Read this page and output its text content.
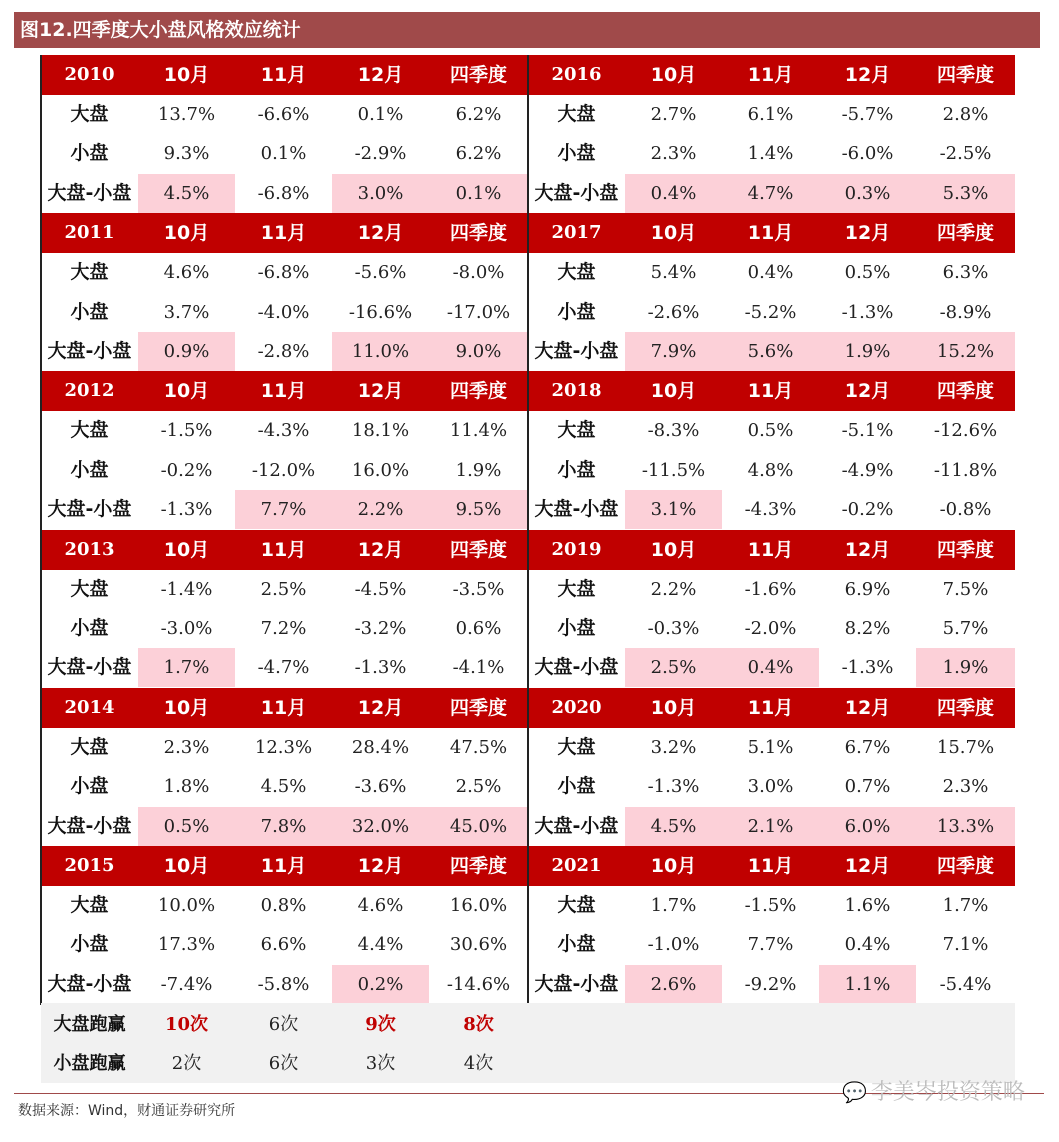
图12.四季度大小盘风格效应统计
2010	10月	11月	12月	四季度
大盘	13.7%	-6.6%	0.1%	6.2%
小盘	9.3%	0.1%	-2.9%	6.2%
大盘-小盘	4.5%	-6.8%	3.0%	0.1%
2016	10月	11月	12月	四季度
大盘	2.7%	6.1%	-5.7%	2.8%
小盘	2.3%	1.4%	-6.0%	-2.5%
大盘-小盘	0.4%	4.7%	0.3%	5.3%
2011	10月	11月	12月	四季度
大盘	4.6%	-6.8%	-5.6%	-8.0%
小盘	3.7%	-4.0%	-16.6%	-17.0%
大盘-小盘	0.9%	-2.8%	11.0%	9.0%
2017	10月	11月	12月	四季度
大盘	5.4%	0.4%	0.5%	6.3%
小盘	-2.6%	-5.2%	-1.3%	-8.9%
大盘-小盘	7.9%	5.6%	1.9%	15.2%
2012	10月	11月	12月	四季度
大盘	-1.5%	-4.3%	18.1%	11.4%
小盘	-0.2%	-12.0%	16.0%	1.9%
大盘-小盘	-1.3%	7.7%	2.2%	9.5%
2018	10月	11月	12月	四季度
大盘	-8.3%	0.5%	-5.1%	-12.6%
小盘	-11.5%	4.8%	-4.9%	-11.8%
大盘-小盘	3.1%	-4.3%	-0.2%	-0.8%
2013	10月	11月	12月	四季度
大盘	-1.4%	2.5%	-4.5%	-3.5%
小盘	-3.0%	7.2%	-3.2%	0.6%
大盘-小盘	1.7%	-4.7%	-1.3%	-4.1%
2019	10月	11月	12月	四季度
大盘	2.2%	-1.6%	6.9%	7.5%
小盘	-0.3%	-2.0%	8.2%	5.7%
大盘-小盘	2.5%	0.4%	-1.3%	1.9%
2014	10月	11月	12月	四季度
大盘	2.3%	12.3%	28.4%	47.5%
小盘	1.8%	4.5%	-3.6%	2.5%
大盘-小盘	0.5%	7.8%	32.0%	45.0%
2020	10月	11月	12月	四季度
大盘	3.2%	5.1%	6.7%	15.7%
小盘	-1.3%	3.0%	0.7%	2.3%
大盘-小盘	4.5%	2.1%	6.0%	13.3%
2015	10月	11月	12月	四季度
大盘	10.0%	0.8%	4.6%	16.0%
小盘	17.3%	6.6%	4.4%	30.6%
大盘-小盘	-7.4%	-5.8%	0.2%	-14.6%
2021	10月	11月	12月	四季度
大盘	1.7%	-1.5%	1.6%	1.7%
小盘	-1.0%	7.7%	0.4%	7.1%
大盘-小盘	2.6%	-9.2%	1.1%	-5.4%
大盘跑赢	10次	6次	9次	8次
小盘跑赢	2次	6次	3次	4次
数据来源：Wind，财通证券研究所
💬 李美岑投资策略
